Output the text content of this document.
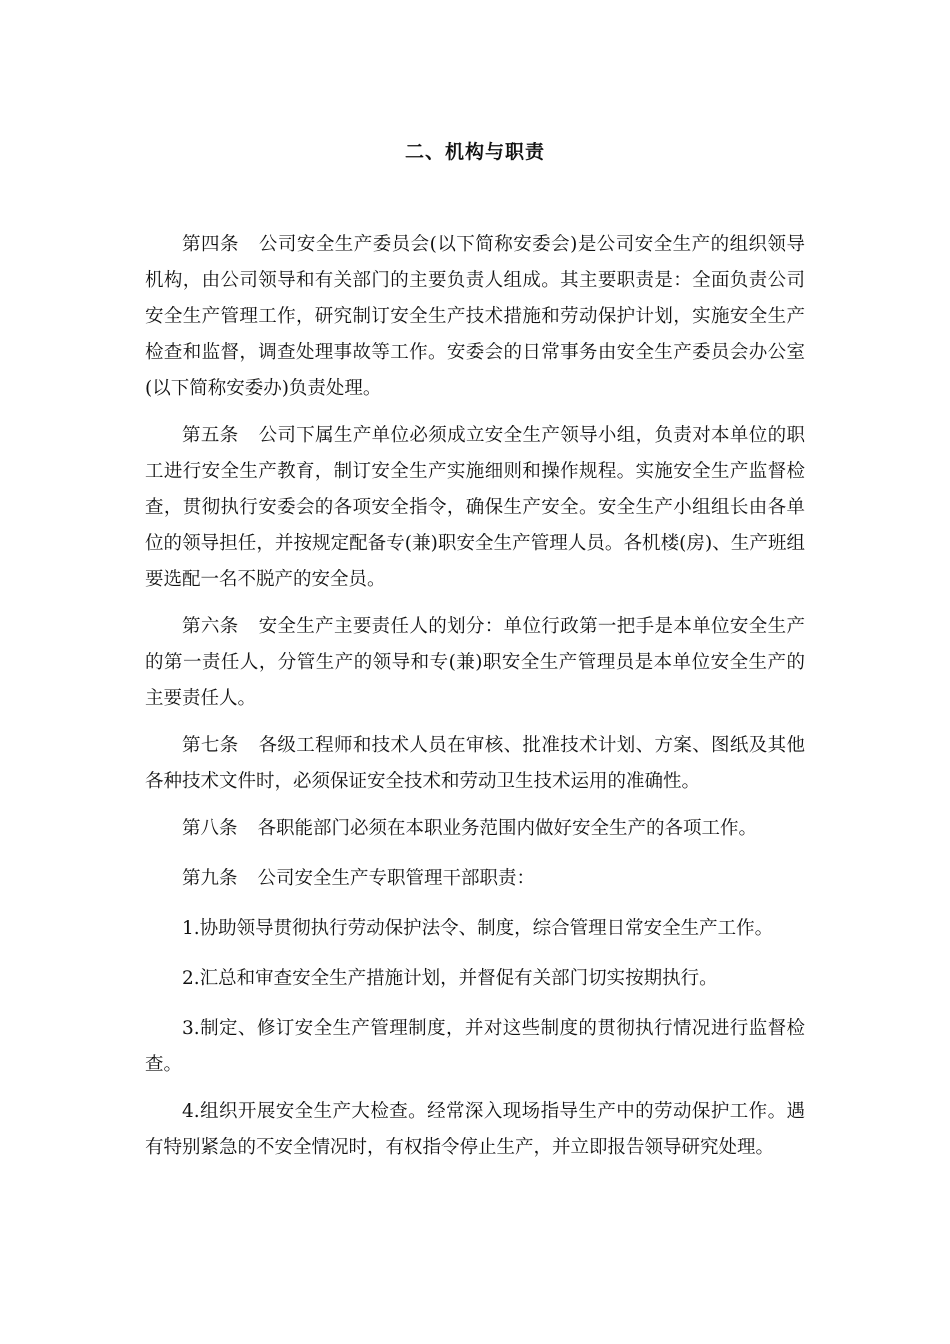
二、机构与职责

第四条 公司安全生产委员会(以下简称安委会)是公司安全生产的组织领导机构，由公司领导和有关部门的主要负责人组成。其主要职责是：全面负责公司安全生产管理工作，研究制订安全生产技术措施和劳动保护计划，实施安全生产检查和监督，调查处理事故等工作。安委会的日常事务由安全生产委员会办公室(以下简称安委办)负责处理。

第五条 公司下属生产单位必须成立安全生产领导小组，负责对本单位的职工进行安全生产教育，制订安全生产实施细则和操作规程。实施安全生产监督检查，贯彻执行安委会的各项安全指令，确保生产安全。安全生产小组组长由各单位的领导担任，并按规定配备专(兼)职安全生产管理人员。各机楼(房)、生产班组要选配一名不脱产的安全员。

第六条 安全生产主要责任人的划分：单位行政第一把手是本单位安全生产的第一责任人，分管生产的领导和专(兼)职安全生产管理员是本单位安全生产的主要责任人。

第七条 各级工程师和技术人员在审核、批准技术计划、方案、图纸及其他各种技术文件时，必须保证安全技术和劳动卫生技术运用的准确性。

第八条 各职能部门必须在本职业务范围内做好安全生产的各项工作。

第九条 公司安全生产专职管理干部职责：

1.协助领导贯彻执行劳动保护法令、制度，综合管理日常安全生产工作。

2.汇总和审查安全生产措施计划，并督促有关部门切实按期执行。

3.制定、修订安全生产管理制度，并对这些制度的贯彻执行情况进行监督检查。

4.组织开展安全生产大检查。经常深入现场指导生产中的劳动保护工作。遇有特别紧急的不安全情况时，有权指令停止生产，并立即报告领导研究处理。
